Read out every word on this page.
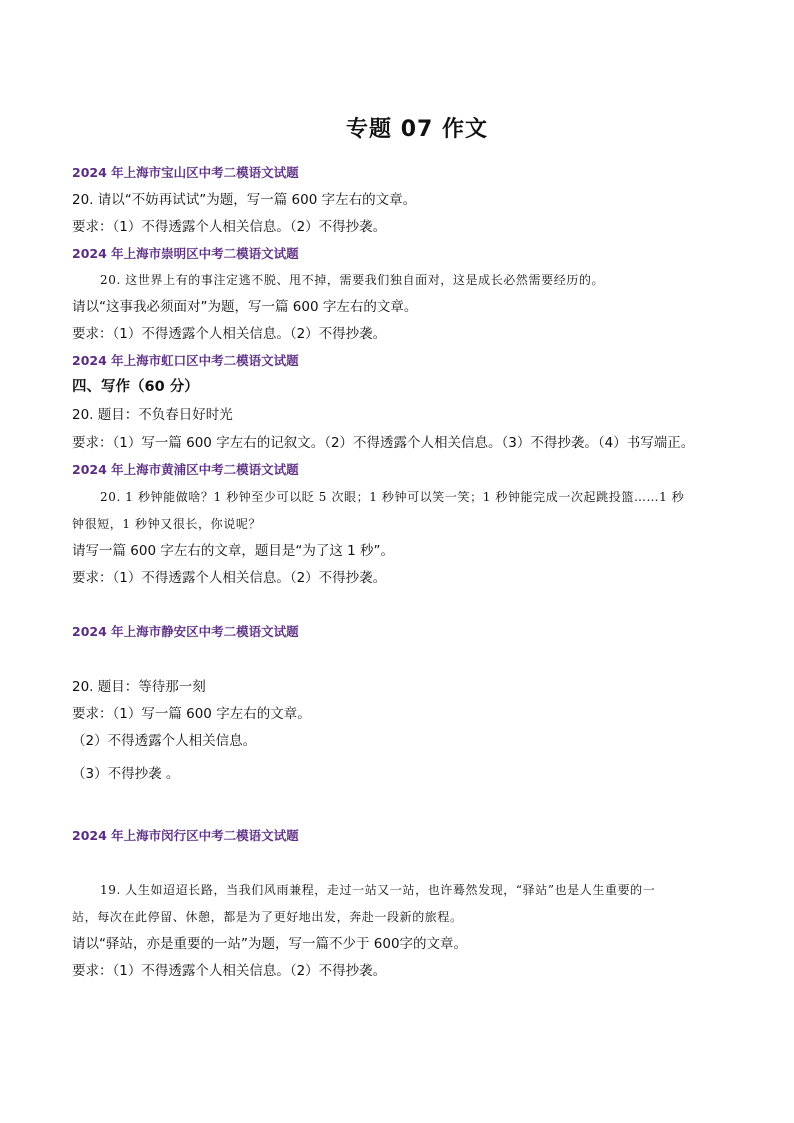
专题 07 作文
2024 年上海市宝山区中考二模语文试题
20. 请以“不妨再试试”为题，写一篇 600 字左右的文章。
要求：（1）不得透露个人相关信息。（2）不得抄袭。
2024 年上海市崇明区中考二模语文试题
20. 这世界上有的事注定逃不脱、甩不掉，需要我们独自面对，这是成长必然需要经历的。
请以“这事我必须面对”为题，写一篇 600 字左右的文章。
要求：（1）不得透露个人相关信息。（2）不得抄袭。
2024 年上海市虹口区中考二模语文试题
四、写作（60 分）
20. 题目：不负春日好时光
要求：（1）写一篇 600 字左右的记叙文。（2）不得透露个人相关信息。（3）不得抄袭。（4）书写端正。
2024 年上海市黄浦区中考二模语文试题
20. 1 秒钟能做啥？1 秒钟至少可以眨 5 次眼；1 秒钟可以笑一笑；1 秒钟能完成一次起跳投篮……1 秒
钟很短，1 秒钟又很长，你说呢？
请写一篇 600 字左右的文章，题目是“为了这 1 秒”。
要求：（1）不得透露个人相关信息。（2）不得抄袭。
2024 年上海市静安区中考二模语文试题
20. 题目：等待那一刻
要求：（1）写一篇 600 字左右的文章。
（2）不得透露个人相关信息。
（3）不得抄袭 。
2024 年上海市闵行区中考二模语文试题
19. 人生如迢迢长路，当我们风雨兼程，走过一站又一站，也许蓦然发现，“驿站”也是人生重要的一
站，每次在此停留、休憩，都是为了更好地出发，奔赴一段新的旅程。
请以“驿站，亦是重要的一站”为题，写一篇不少于 600字的文章。
要求：（1）不得透露个人相关信息。（2）不得抄袭。
